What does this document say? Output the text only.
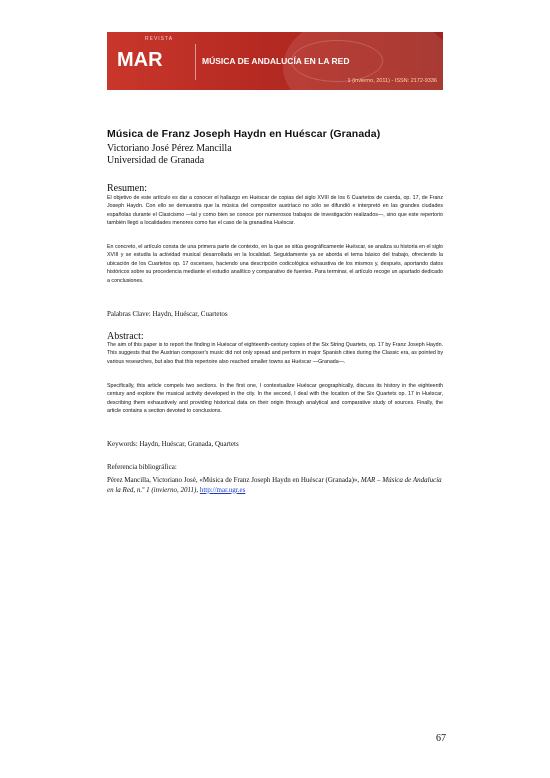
REVISTA
MAR	MÚSICA DE ANDALUCÍA EN LA RED
1 (invierno, 2011) - ISSN: 2172-9336
Música de Franz Joseph Haydn en Huéscar (Granada)
Victoriano José Pérez Mancilla
Universidad de Granada
Resumen:
El objetivo de este artículo es dar a conocer el hallazgo en Huéscar de copias del siglo XVIII de los 6 Cuartetos de cuerda, op. 17, de Franz Joseph Haydn. Con ello se demuestra que la música del compositor austríaco no sólo se difundió e interpretó en las grandes ciudades españolas durante el Clasicismo —tal y como bien se conoce por numerosos trabajos de investigación realizados—, sino que este repertorio también llegó a localidades menores como fue el caso de la granadina Huéscar.
En concreto, el artículo consta de una primera parte de contexto, en la que se sitúa geográficamente Huéscar, se analiza su historia en el siglo XVIII y se estudia la actividad musical desarrollada en la localidad. Seguidamente ya se aborda el tema básico del trabajo, ofreciendo la ubicación de los Cuartetos op. 17 oscenses, haciendo una descripción codicológica exhaustiva de los mismos y, después, aportando datos históricos sobre su procedencia mediante el estudio analítico y comparativo de fuentes. Para terminar, el artículo recoge un apartado dedicado a conclusiones.
Palabras Clave: Haydn, Huéscar, Cuartetos
Abstract:
The aim of this paper is to report the finding in Huéscar of eighteenth-century copies of the Six String Quartets, op. 17 by Franz Joseph Haydn. This suggests that the Austrian composer's music did not only spread and perform in major Spanish cities during the Classic era, as pointed by various researches, but also that this repertoire also reached smaller towns as Huéscar —Granada—.
Specifically, this article compels two sections. In the first one, I contextualize Huéscar geographically, discuss its history in the eighteenth century and explore the musical activity developed in the city. In the second, I deal with the location of the Six Quartets op. 17 in Huéscar, describing them exhaustively and providing historical data on their origin through analytical and comparative study of sources. Finally, the article contains a section devoted to conclusions.
Keywords: Haydn, Huéscar, Granada, Quartets
Referencia bibliográfica:
Pérez Mancilla, Victoriano José, «Música de Franz Joseph Haydn en Huéscar (Granada)», MAR – Música de Andalucía en la Red, n.º 1 (invierno, 2011), http://mar.ugr.es
67
